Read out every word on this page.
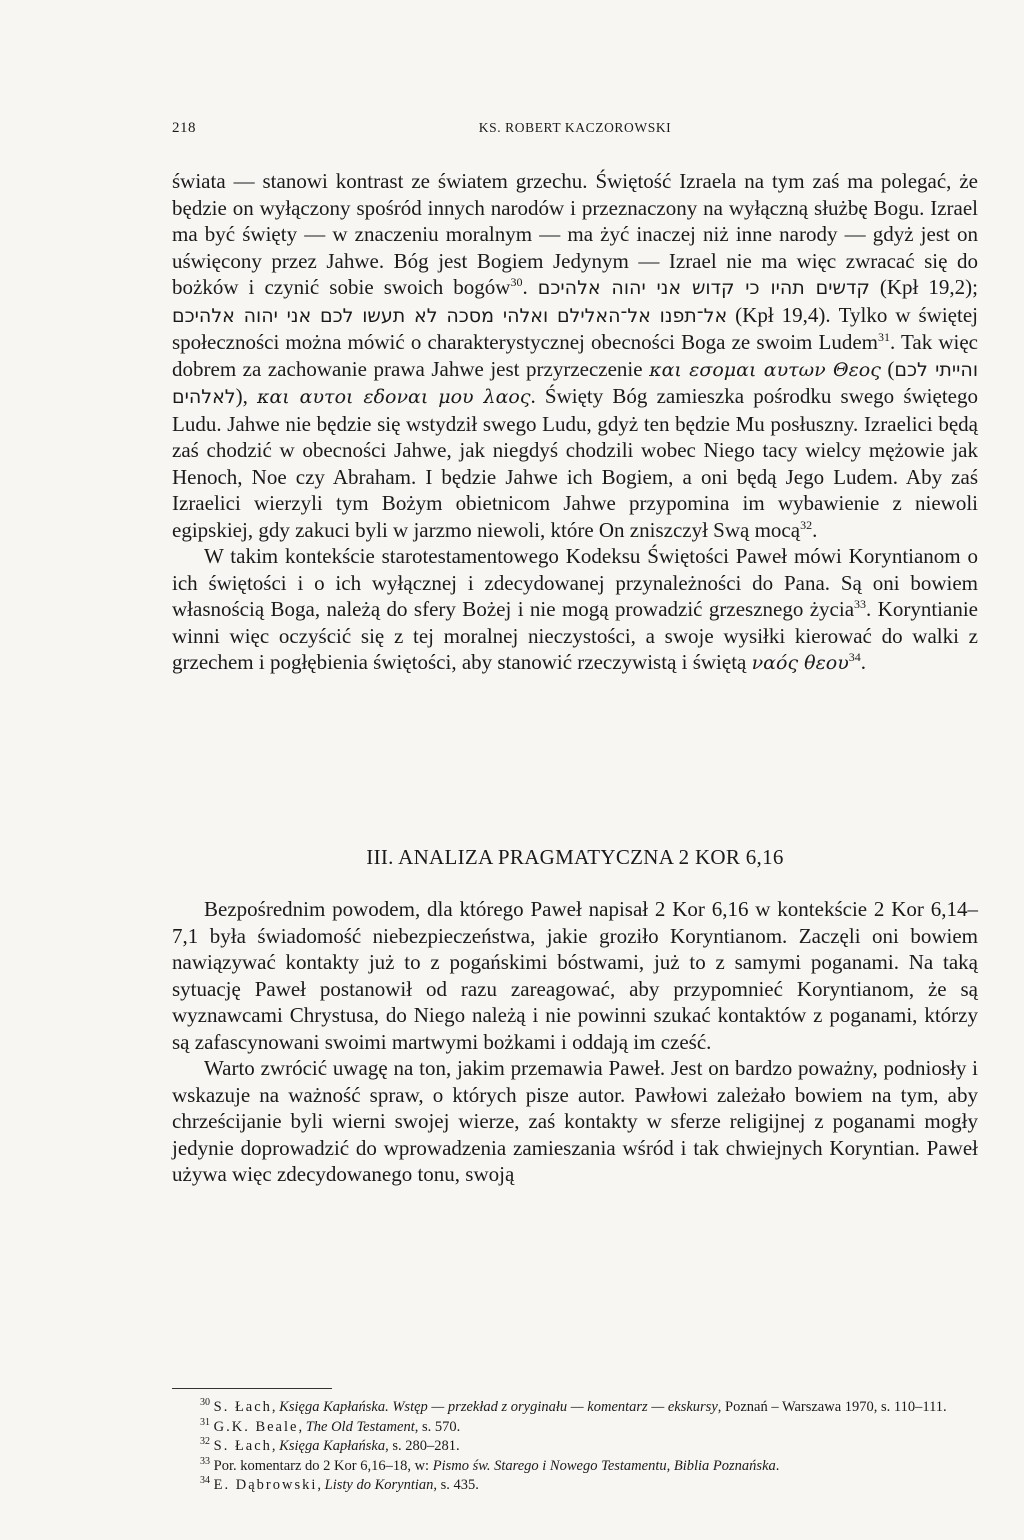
218	KS. ROBERT KACZOROWSKI

świata — stanowi kontrast ze światem grzechu. Świętość Izraela na tym zaś ma polegać, że będzie on wyłączony spośród innych narodów i przeznaczony na wyłączną służbę Bogu. Izrael ma być święty — w znaczeniu moralnym — ma żyć inaczej niż inne narody — gdyż jest on uświęcony przez Jahwe. Bóg jest Bogiem Jedynym — Izrael nie ma więc zwracać się do bożków i czynić sobie swoich bogów$^{30}$. קדשים תהיו כי קדוש אני יהוה אלהיכם (Kpł 19,2); אל־תפנו אל־האלילם ואלהי מסכה לא תעשו לכם אני יהוה אלהיכם (Kpł 19,4). Tylko w świętej społeczności można mówić o charakterystycznej obecności Boga ze swoim Ludem$^{31}$. Tak więc dobrem za zachowanie prawa Jahwe jest przyrzeczenie και εσομαι αυτων Θεος (והייתי לכם לאלהים), και αυτοι εδοναι μου λαος. Święty Bóg zamieszka pośrodku swego świętego Ludu. Jahwe nie będzie się wstydził swego Ludu, gdyż ten będzie Mu posłuszny. Izraelici będą zaś chodzić w obecności Jahwe, jak niegdyś chodzili wobec Niego tacy wielcy mężowie jak Henoch, Noe czy Abraham. I będzie Jahwe ich Bogiem, a oni będą Jego Ludem. Aby zaś Izraelici wierzyli tym Bożym obietnicom Jahwe przypomina im wybawienie z niewoli egipskiej, gdy zakuci byli w jarzmo niewoli, które On zniszczył Swą mocą$^{32}$.

W takim kontekście starotestamentowego Kodeksu Świętości Paweł mówi Koryntianom o ich świętości i o ich wyłącznej i zdecydowanej przynależności do Pana. Są oni bowiem własnością Boga, należą do sfery Bożej i nie mogą prowadzić grzesznego życia$^{33}$. Koryntianie winni więc oczyścić się z tej moralnej nieczystości, a swoje wysiłki kierować do walki z grzechem i pogłębienia świętości, aby stanowić rzeczywistą i świętą ναός θεου$^{34}$.

III. ANALIZA PRAGMATYCZNA 2 KOR 6,16

Bezpośrednim powodem, dla którego Paweł napisał 2 Kor 6,16 w kontekście 2 Kor 6,14–7,1 była świadomość niebezpieczeństwa, jakie groziło Koryntianom. Zaczęli oni bowiem nawiązywać kontakty już to z pogańskimi bóstwami, już to z samymi poganami. Na taką sytuację Paweł postanowił od razu zareagować, aby przypomnieć Koryntianom, że są wyznawcami Chrystusa, do Niego należą i nie powinni szukać kontaktów z poganami, którzy są zafascynowani swoimi martwymi bożkami i oddają im cześć.

Warto zwrócić uwagę na ton, jakim przemawia Paweł. Jest on bardzo poważny, podniosły i wskazuje na ważność spraw, o których pisze autor. Pawłowi zależało bowiem na tym, aby chrześcijanie byli wierni swojej wierze, zaś kontakty w sferze religijnej z poganami mogły jedynie doprowadzić do wprowadzenia zamieszania wśród i tak chwiejnych Koryntian. Paweł używa więc zdecydowanego tonu, swoją

$^{30}$ S. Łach, Księga Kapłańska. Wstęp — przekład z oryginału — komentarz — ekskursy, Poznań – Warszawa 1970, s. 110–111.

$^{31}$ G.K. Beale, The Old Testament, s. 570.

$^{32}$ S. Łach, Księga Kapłańska, s. 280–281.

$^{33}$ Por. komentarz do 2 Kor 6,16–18, w: Pismo św. Starego i Nowego Testamentu, Biblia Poznańska.

$^{34}$ E. Dąbrowski, Listy do Koryntian, s. 435.
